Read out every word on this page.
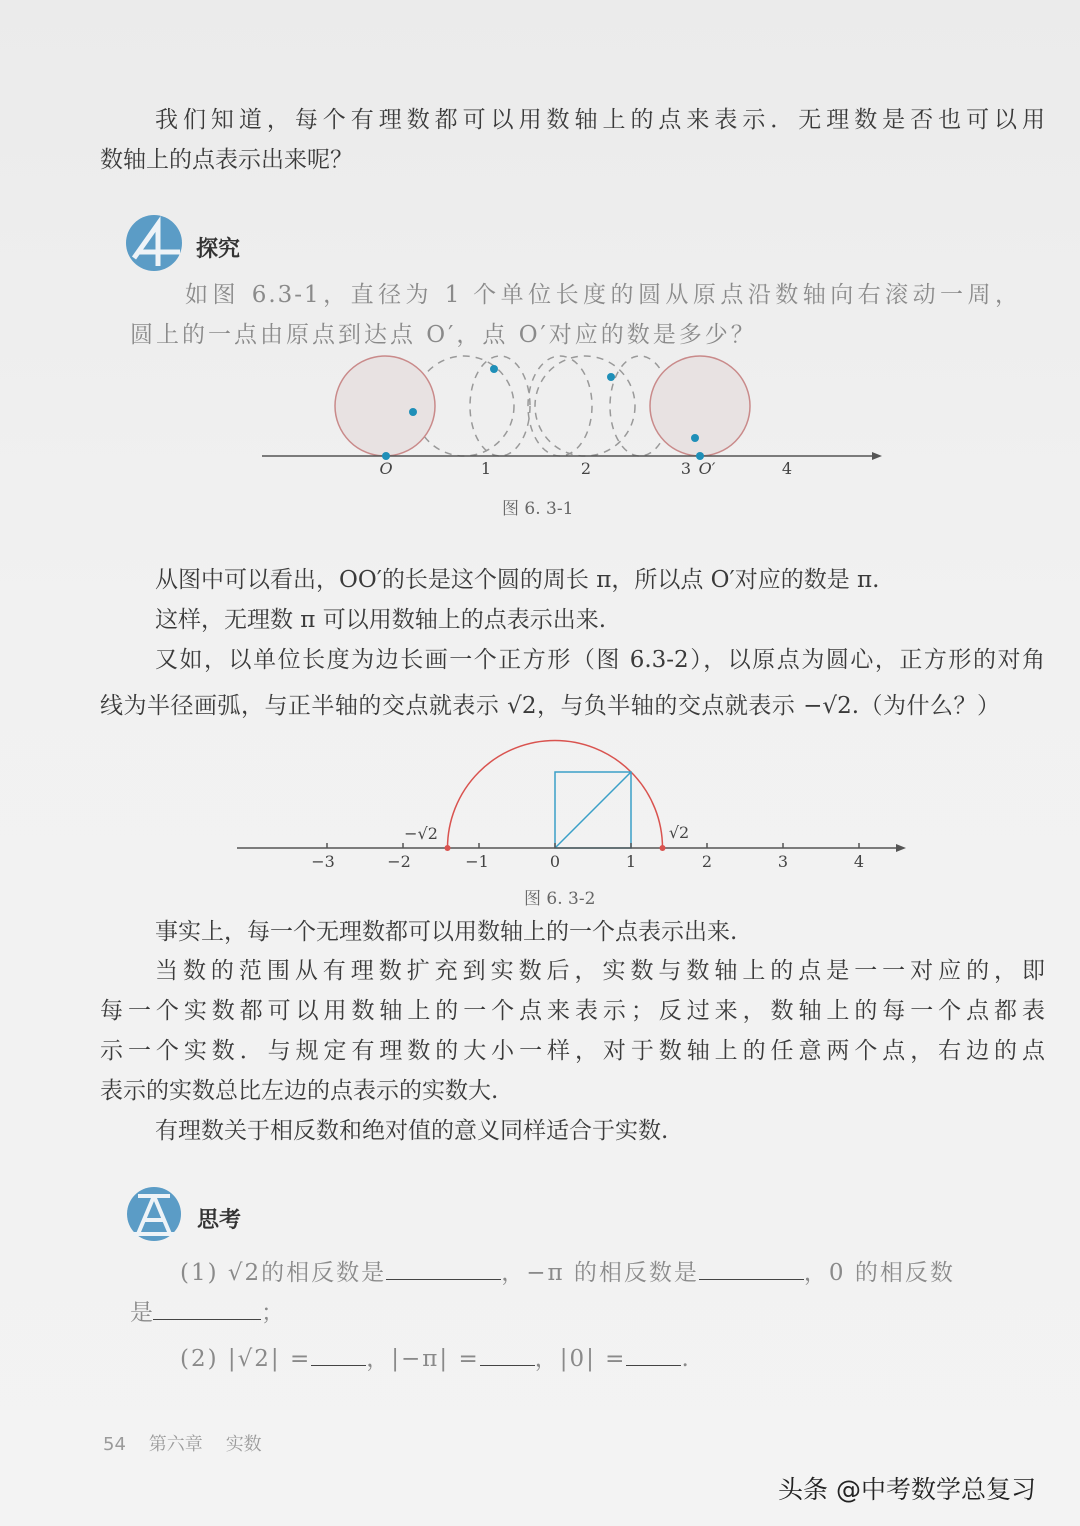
我们知道，每个有理数都可以用数轴上的点来表示．无理数是否也可以用
数轴上的点表示出来呢？
探究
如图 6.3-1，直径为 1 个单位长度的圆从原点沿数轴向右滚动一周，
圆上的一点由原点到达点 O′，点 O′对应的数是多少？
O	1	2	3 O′	4
图 6. 3-1
从图中可以看出，OO′的长是这个圆的周长 π，所以点 O′对应的数是 π.
这样，无理数 π 可以用数轴上的点表示出来.
又如，以单位长度为边长画一个正方形（图 6.3-2），以原点为圆心，正方形的对角
线为半径画弧，与正半轴的交点就表示 √2，与负半轴的交点就表示 −√2.（为什么？）
−3	−2	−1	0	1	2	3	4
−√2	√2
图 6. 3-2
事实上，每一个无理数都可以用数轴上的一个点表示出来.
当数的范围从有理数扩充到实数后，实数与数轴上的点是一一对应的，即
每一个实数都可以用数轴上的一个点来表示；反过来，数轴上的每一个点都表
示一个实数．与规定有理数的大小一样，对于数轴上的任意两个点，右边的点
表示的实数总比左边的点表示的实数大.
有理数关于相反数和绝对值的意义同样适合于实数.
思考
(1) √2的相反数是	，−π 的相反数是	，0 的相反数
是	；
(2) |√2| = ，|−π| = ，|0| = .
54 第六章 实数
头条 @中考数学总复习
